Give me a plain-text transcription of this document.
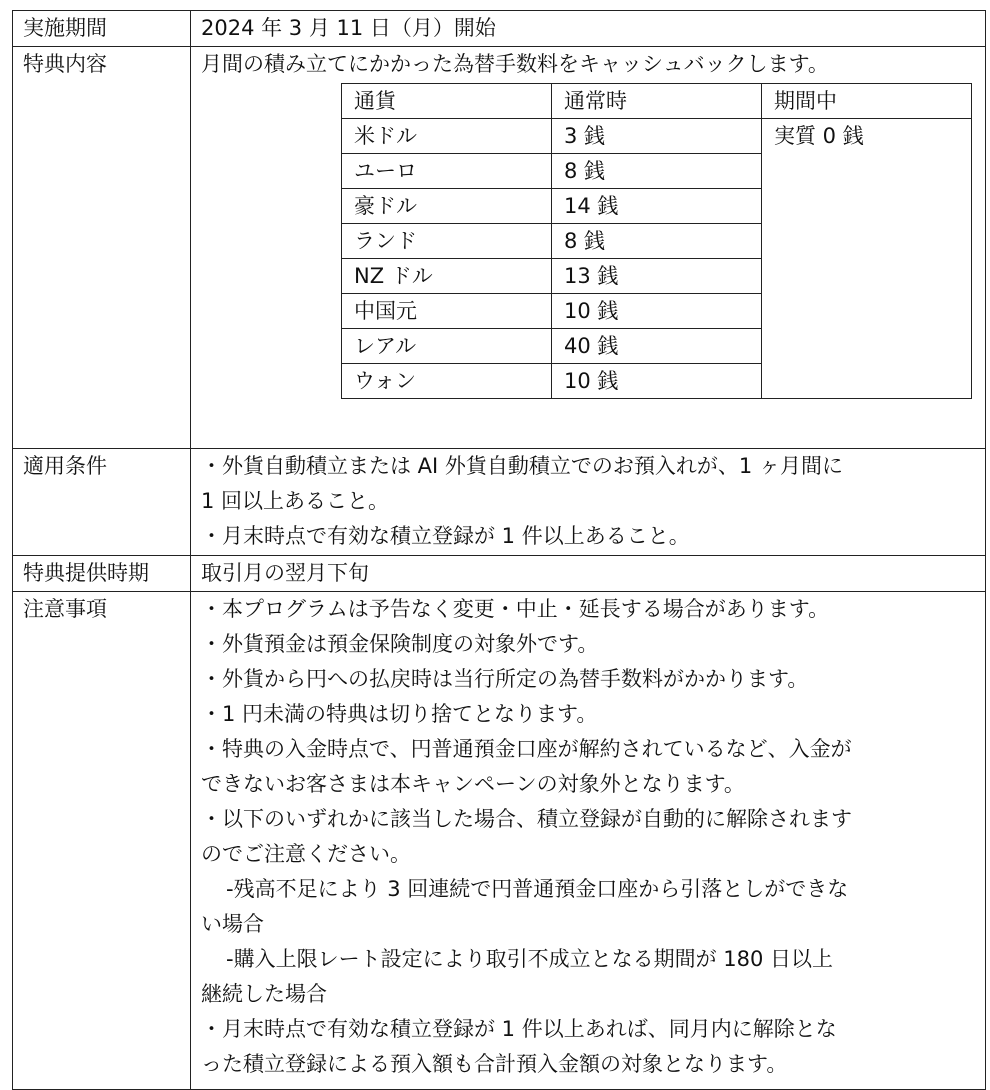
実施期間	2024 年 3 月 11 日（月）開始
特典内容	月間の積み立てにかかった為替手数料をキャッシュバックします。
通貨	通常時	期間中
米ドル	3 銭	実質 0 銭
ユーロ	8 銭
豪ドル	14 銭
ランド	8 銭
NZ ドル	13 銭
中国元	10 銭
レアル	40 銭
ウォン	10 銭

適用条件	・外貨自動積立または AI 外貨自動積立でのお預入れが、1 ヶ月間に
1 回以上あること。
・月末時点で有効な積立登録が 1 件以上あること。

特典提供時期	取引月の翌月下旬
注意事項	・本プログラムは予告なく変更・中止・延長する場合があります。
・外貨預金は預金保険制度の対象外です。
・外貨から円への払戻時は当行所定の為替手数料がかかります。
・1 円未満の特典は切り捨てとなります。
・特典の入金時点で、円普通預金口座が解約されているなど、入金が
できないお客さまは本キャンペーンの対象外となります。
・以下のいずれかに該当した場合、積立登録が自動的に解除されます
のでご注意ください。
-残高不足により 3 回連続で円普通預金口座から引落としができな
い場合
-購入上限レート設定により取引不成立となる期間が 180 日以上
継続した場合
・月末時点で有効な積立登録が 1 件以上あれば、同月内に解除とな
った積立登録による預入額も合計預入金額の対象となります。
